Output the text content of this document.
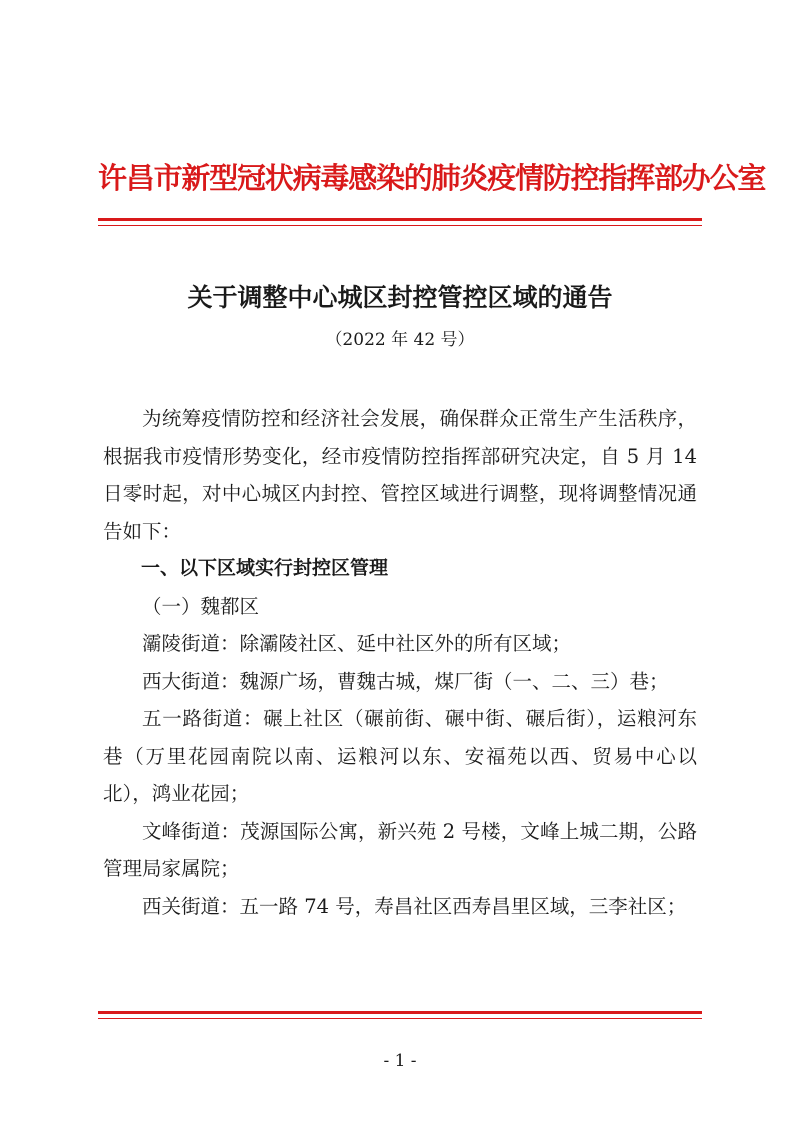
许昌市新型冠状病毒感染的肺炎疫情防控指挥部办公室
关于调整中心城区封控管控区域的通告
（2022 年 42 号）

为统筹疫情防控和经济社会发展，确保群众正常生产生活秩序，根据我市疫情形势变化，经市疫情防控指挥部研究决定，自 5 月 14 日零时起，对中心城区内封控、管控区域进行调整，现将调整情况通告如下：

一、以下区域实行封控区管理

（一）魏都区

灞陵街道：除灞陵社区、延中社区外的所有区域；

西大街道：魏源广场，曹魏古城，煤厂街（一、二、三）巷；

五一路街道：碾上社区（碾前街、碾中街、碾后街），运粮河东巷（万里花园南院以南、运粮河以东、安福苑以西、贸易中心以北），鸿业花园；

文峰街道：茂源国际公寓，新兴苑 2 号楼，文峰上城二期，公路管理局家属院；

西关街道：五一路 74 号，寿昌社区西寿昌里区域，三李社区；

- 1 -
